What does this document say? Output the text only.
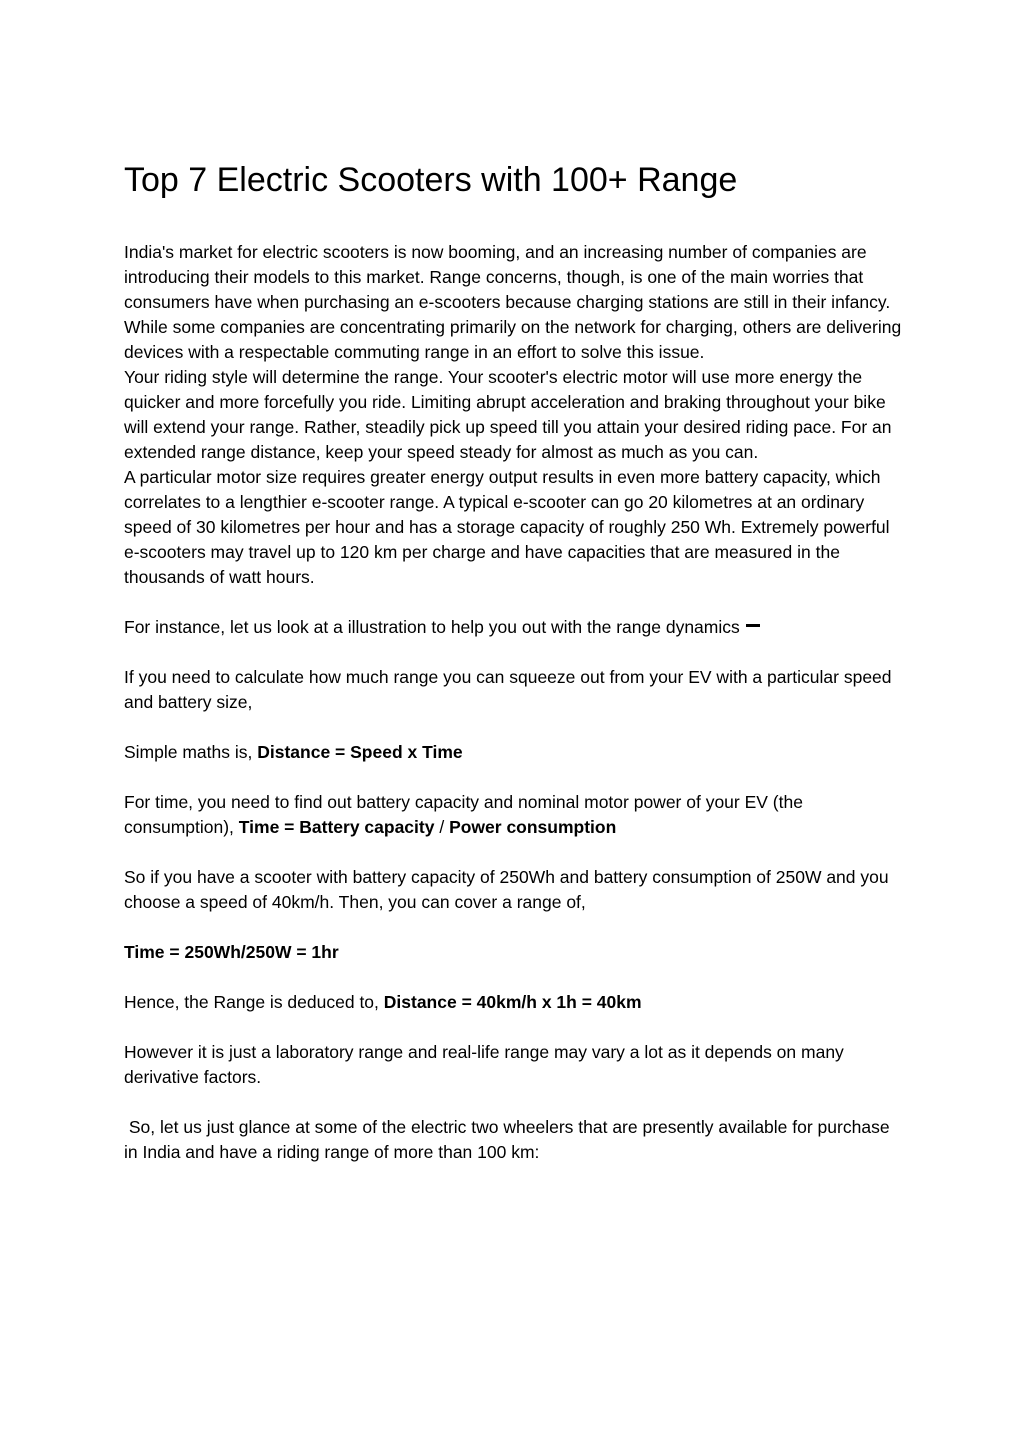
Top 7 Electric Scooters with 100+ Range

India's market for electric scooters is now booming, and an increasing number of companies are introducing their models to this market. Range concerns, though, is one of the main worries that consumers have when purchasing an e-scooters because charging stations are still in their infancy. While some companies are concentrating primarily on the network for charging, others are delivering devices with a respectable commuting range in an effort to solve this issue.

Your riding style will determine the range. Your scooter's electric motor will use more energy the quicker and more forcefully you ride. Limiting abrupt acceleration and braking throughout your bike will extend your range. Rather, steadily pick up speed till you attain your desired riding pace. For an extended range distance, keep your speed steady for almost as much as you can.

A particular motor size requires greater energy output results in even more battery capacity, which correlates to a lengthier e-scooter range. A typical e-scooter can go 20 kilometres at an ordinary speed of 30 kilometres per hour and has a storage capacity of roughly 250 Wh. Extremely powerful e-scooters may travel up to 120 km per charge and have capacities that are measured in the thousands of watt hours.

For instance, let us look at a illustration to help you out with the range dynamics

If you need to calculate how much range you can squeeze out from your EV with a particular speed and battery size,

Simple maths is, Distance = Speed x Time

For time, you need to find out battery capacity and nominal motor power of your EV (the consumption), Time = Battery capacity / Power consumption

So if you have a scooter with battery capacity of 250Wh and battery consumption of 250W and you choose a speed of 40km/h. Then, you can cover a range of,

Time = 250Wh/250W = 1hr

Hence, the Range is deduced to, Distance = 40km/h x 1h = 40km

However it is just a laboratory range and real-life range may vary a lot as it depends on many derivative factors.

So, let us just glance at some of the electric two wheelers that are presently available for purchase in India and have a riding range of more than 100 km:
